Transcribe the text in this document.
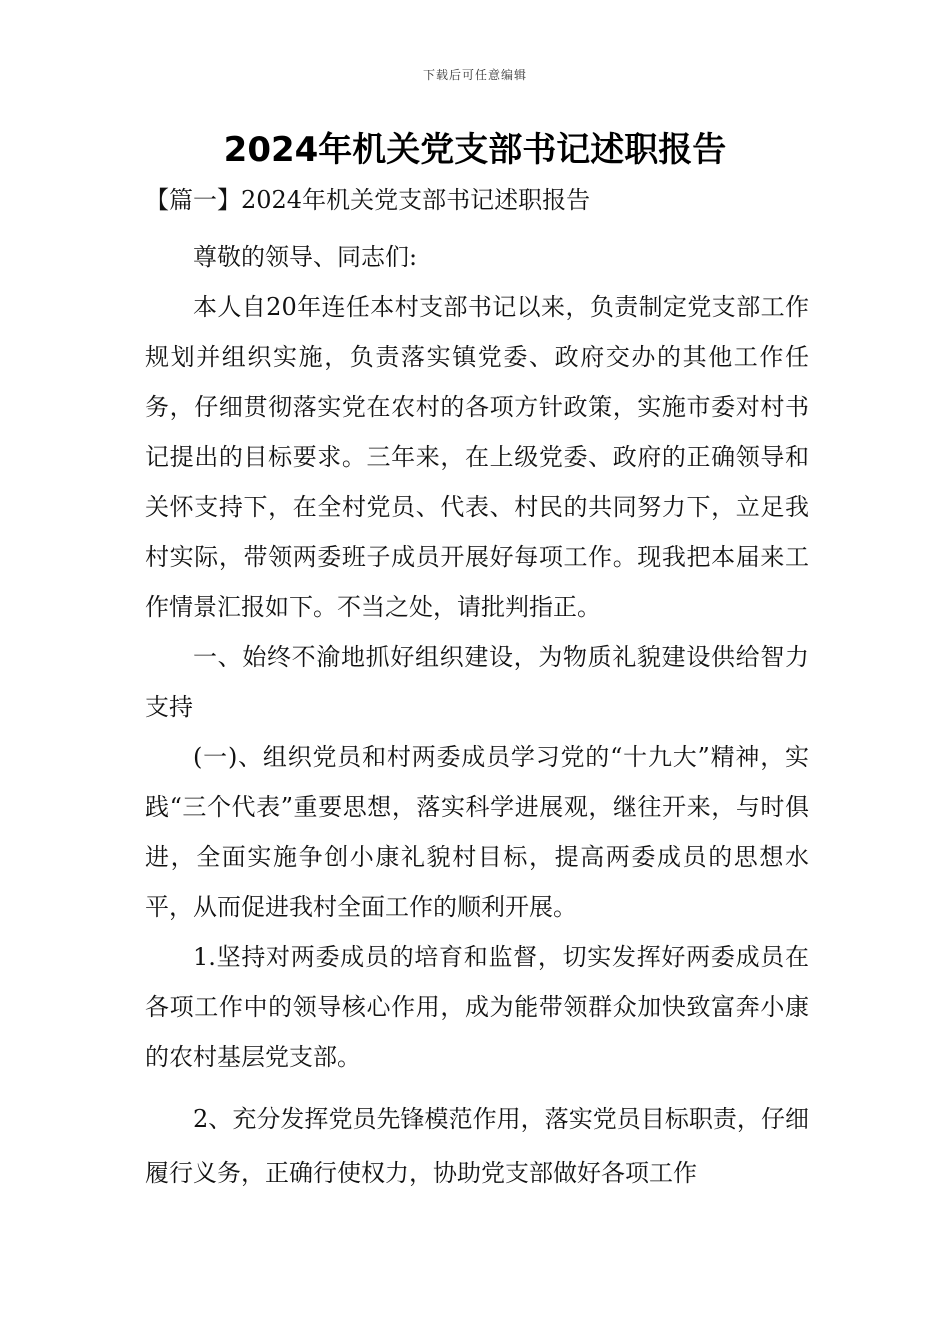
下载后可任意编辑
2024年机关党支部书记述职报告

【篇一】2024年机关党支部书记述职报告

尊敬的领导、同志们:

本人自20年连任本村支部书记以来，负责制定党支部工作规划并组织实施，负责落实镇党委、政府交办的其他工作任务，仔细贯彻落实党在农村的各项方针政策，实施市委对村书记提出的目标要求。三年来，在上级党委、政府的正确领导和关怀支持下，在全村党员、代表、村民的共同努力下，立足我村实际，带领两委班子成员开展好每项工作。现我把本届来工作情景汇报如下。不当之处，请批判指正。

一、始终不渝地抓好组织建设，为物质礼貌建设供给智力支持

(一)、组织党员和村两委成员学习党的“十九大”精神，实践“三个代表”重要思想，落实科学进展观，继往开来，与时俱进，全面实施争创小康礼貌村目标，提高两委成员的思想水平，从而促进我村全面工作的顺利开展。

1.坚持对两委成员的培育和监督，切实发挥好两委成员在各项工作中的领导核心作用，成为能带领群众加快致富奔小康的农村基层党支部。

2、充分发挥党员先锋模范作用，落实党员目标职责，仔细履行义务，正确行使权力，协助党支部做好各项工作
